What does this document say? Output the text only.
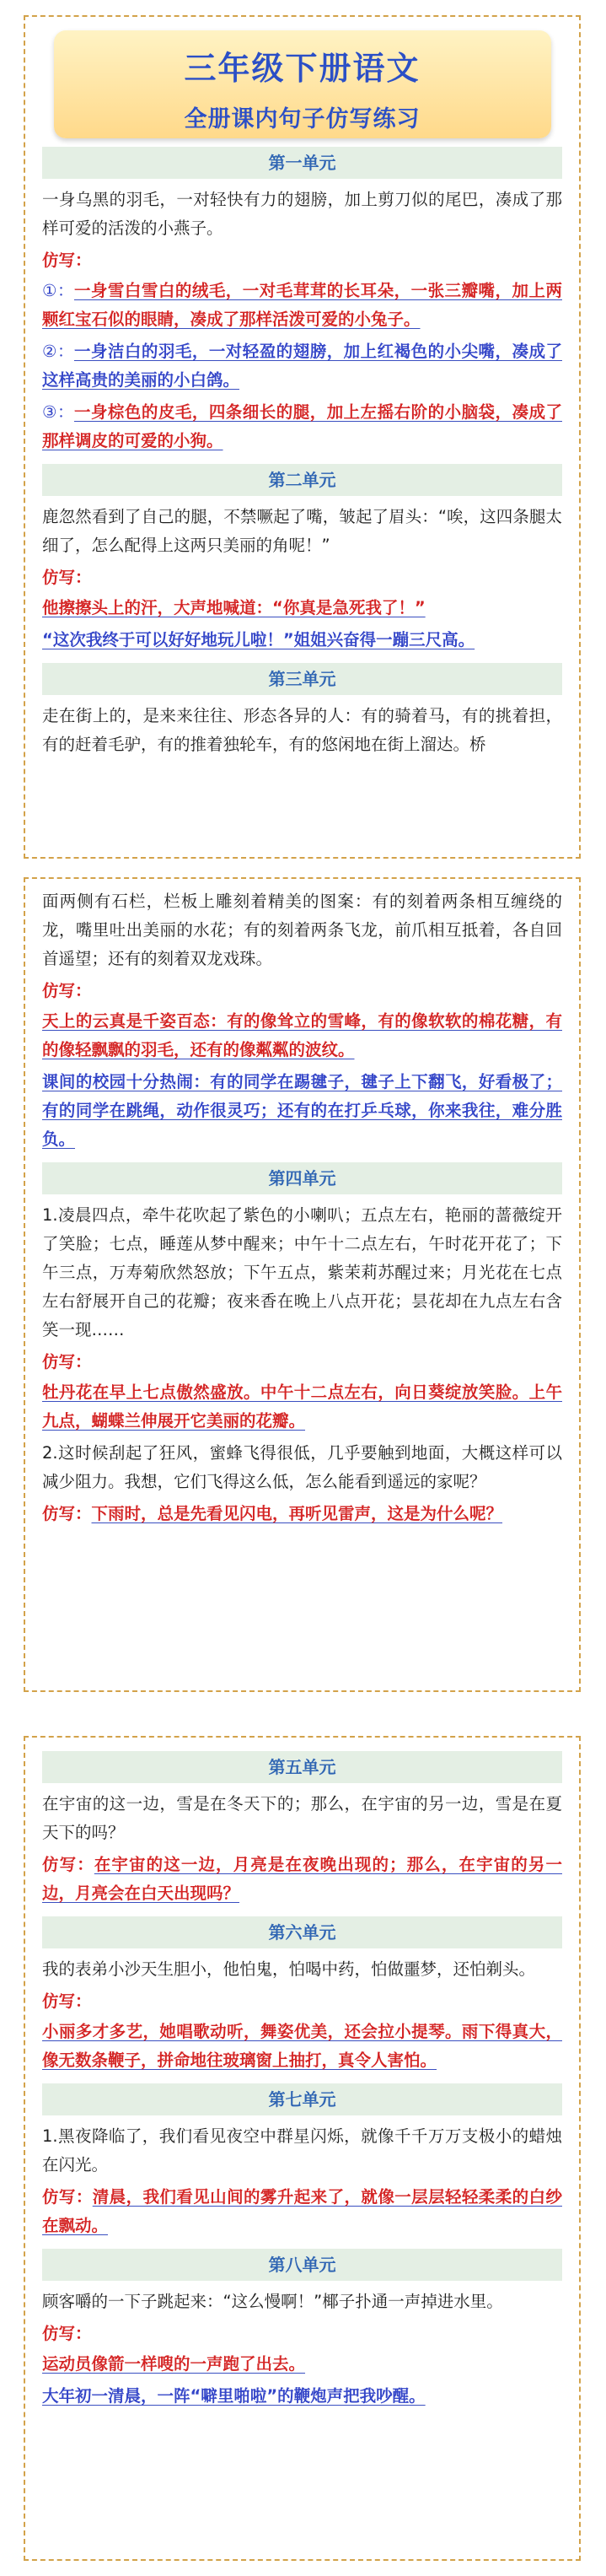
三年级下册语文
全册课内句子仿写练习
第一单元

一身乌黑的羽毛，一对轻快有力的翅膀，加上剪刀似的尾巴，凑成了那样可爱的活泼的小燕子。

仿写：

①：一身雪白雪白的绒毛，一对毛茸茸的长耳朵，一张三瓣嘴，加上两颗红宝石似的眼睛，凑成了那样活泼可爱的小兔子。

②：一身洁白的羽毛，一对轻盈的翅膀，加上红褐色的小尖嘴，凑成了这样高贵的美丽的小白鸽。

③：一身棕色的皮毛，四条细长的腿，加上左摇右阶的小脑袋，凑成了那样调皮的可爱的小狗。

第二单元

鹿忽然看到了自己的腿，不禁噘起了嘴，皱起了眉头：“唉，这四条腿太细了，怎么配得上这两只美丽的角呢！”

仿写：

他擦擦头上的汗，大声地喊道：“你真是急死我了！”

“这次我终于可以好好地玩儿啦！”姐姐兴奋得一蹦三尺高。

第三单元

走在街上的，是来来往往、形态各异的人：有的骑着马，有的挑着担，有的赶着毛驴，有的推着独轮车，有的悠闲地在街上溜达。桥

面两侧有石栏，栏板上雕刻着精美的图案：有的刻着两条相互缠绕的龙，嘴里吐出美丽的水花；有的刻着两条飞龙，前爪相互抵着，各自回首遥望；还有的刻着双龙戏珠。

仿写：

天上的云真是千姿百态：有的像耸立的雪峰，有的像软软的棉花糖，有的像轻飘飘的羽毛，还有的像粼粼的波纹。

课间的校园十分热闹：有的同学在踢毽子，毽子上下翻飞，好看极了；有的同学在跳绳，动作很灵巧；还有的在打乒乓球，你来我往，难分胜负。

第四单元

1.凌晨四点，牵牛花吹起了紫色的小喇叭；五点左右，艳丽的蔷薇绽开了笑脸；七点，睡莲从梦中醒来；中午十二点左右，午时花开花了；下午三点，万寿菊欣然怒放；下午五点，紫茉莉苏醒过来；月光花在七点左右舒展开自己的花瓣；夜来香在晚上八点开花；昙花却在九点左右含笑一现……

仿写：

牡丹花在早上七点傲然盛放。中午十二点左右，向日葵绽放笑脸。上午九点，蝴蝶兰伸展开它美丽的花瓣。

2.这时候刮起了狂风，蜜蜂飞得很低，几乎要触到地面，大概这样可以减少阻力。我想，它们飞得这么低，怎么能看到遥远的家呢？

仿写：下雨时，总是先看见闪电，再听见雷声，这是为什么呢？

第五单元

在宇宙的这一边，雪是在冬天下的；那么，在宇宙的另一边，雪是在夏天下的吗？

仿写：在宇宙的这一边，月亮是在夜晚出现的；那么，在宇宙的另一边，月亮会在白天出现吗？

第六单元

我的表弟小沙天生胆小，他怕鬼，怕喝中药，怕做噩梦，还怕剃头。

仿写：

小丽多才多艺，她唱歌动听，舞姿优美，还会拉小提琴。雨下得真大，像无数条鞭子，拼命地往玻璃窗上抽打，真令人害怕。

第七单元

1.黑夜降临了，我们看见夜空中群星闪烁，就像千千万万支极小的蜡烛在闪光。

仿写：清晨，我们看见山间的雾升起来了，就像一层层轻轻柔柔的白纱在飘动。

第八单元

顾客嚼的一下子跳起来：“这么慢啊！”椰子扑通一声掉进水里。

仿写：

运动员像箭一样嗖的一声跑了出去。

大年初一清晨，一阵“噼里啪啦”的鞭炮声把我吵醒。
